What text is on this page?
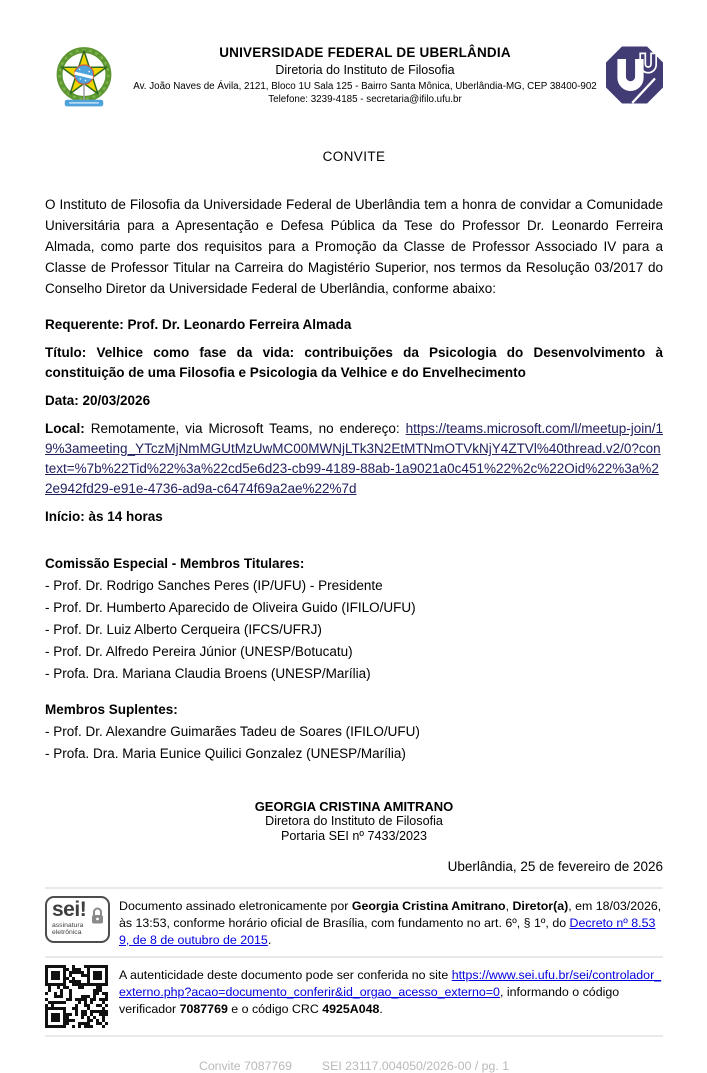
UNIVERSIDADE FEDERAL DE UBERLÂNDIA
Diretoria do Instituto de Filosofia
Av. João Naves de Ávila, 2121, Bloco 1U Sala 125 - Bairro Santa Mônica, Uberlândia-MG, CEP 38400-902
Telefone: 3239-4185 - secretaria@ifilo.ufu.br
CONVITE

O Instituto de Filosofia da Universidade Federal de Uberlândia tem a honra de convidar a Comunidade Universitária para a Apresentação e Defesa Pública da Tese do Professor Dr. Leonardo Ferreira Almada, como parte dos requisitos para a Promoção da Classe de Professor Associado IV para a Classe de Professor Titular na Carreira do Magistério Superior, nos termos da Resolução 03/2017 do Conselho Diretor da Universidade Federal de Uberlândia, conforme abaixo:

Requerente: Prof. Dr. Leonardo Ferreira Almada
Título: Velhice como fase da vida: contribuições da Psicologia do Desenvolvimento à constituição de uma Filosofia e Psicologia da Velhice e do Envelhecimento
Data: 20/03/2026
Local: Remotamente, via Microsoft Teams, no endereço: https://teams.microsoft.com/l/meetup-join/19%3ameeting_YTczMjNmMGUtMzUwMC00MWNjLTk3N2EtMTNmOTVkNjY4ZTVl%40thread.v2/0?context=%7b%22Tid%22%3a%22cd5e6d23-cb99-4189-88ab-1a9021a0c451%22%2c%22Oid%22%3a%22e942fd29-e91e-4736-ad9a-c6474f69a2ae%22%7d
Início: às 14 horas
Comissão Especial - Membros Titulares:
- Prof. Dr. Rodrigo Sanches Peres (IP/UFU) - Presidente
- Prof. Dr. Humberto Aparecido de Oliveira Guido (IFILO/UFU)
- Prof. Dr. Luiz Alberto Cerqueira (IFCS/UFRJ)
- Prof. Dr. Alfredo Pereira Júnior (UNESP/Botucatu)
- Profa. Dra. Mariana Claudia Broens (UNESP/Marília)
Membros Suplentes:
- Prof. Dr. Alexandre Guimarães Tadeu de Soares (IFILO/UFU)
- Profa. Dra. Maria Eunice Quilici Gonzalez (UNESP/Marília)
GEORGIA CRISTINA AMITRANO
Diretora do Instituto de Filosofia
Portaria SEI nº 7433/2023
Uberlândia, 25 de fevereiro de 2026
sei!
assinatura
eletrônica
Documento assinado eletronicamente por Georgia Cristina Amitrano, Diretor(a), em 18/03/2026, às 13:53, conforme horário oficial de Brasília, com fundamento no art. 6º, § 1º, do Decreto nº 8.539, de 8 de outubro de 2015.
A autenticidade deste documento pode ser conferida no site https://www.sei.ufu.br/sei/controlador_externo.php?acao=documento_conferir&id_orgao_acesso_externo=0, informando o código verificador 7087769 e o código CRC 4925A048.
Convite 7087769 SEI 23117.004050/2026-00 / pg. 1
